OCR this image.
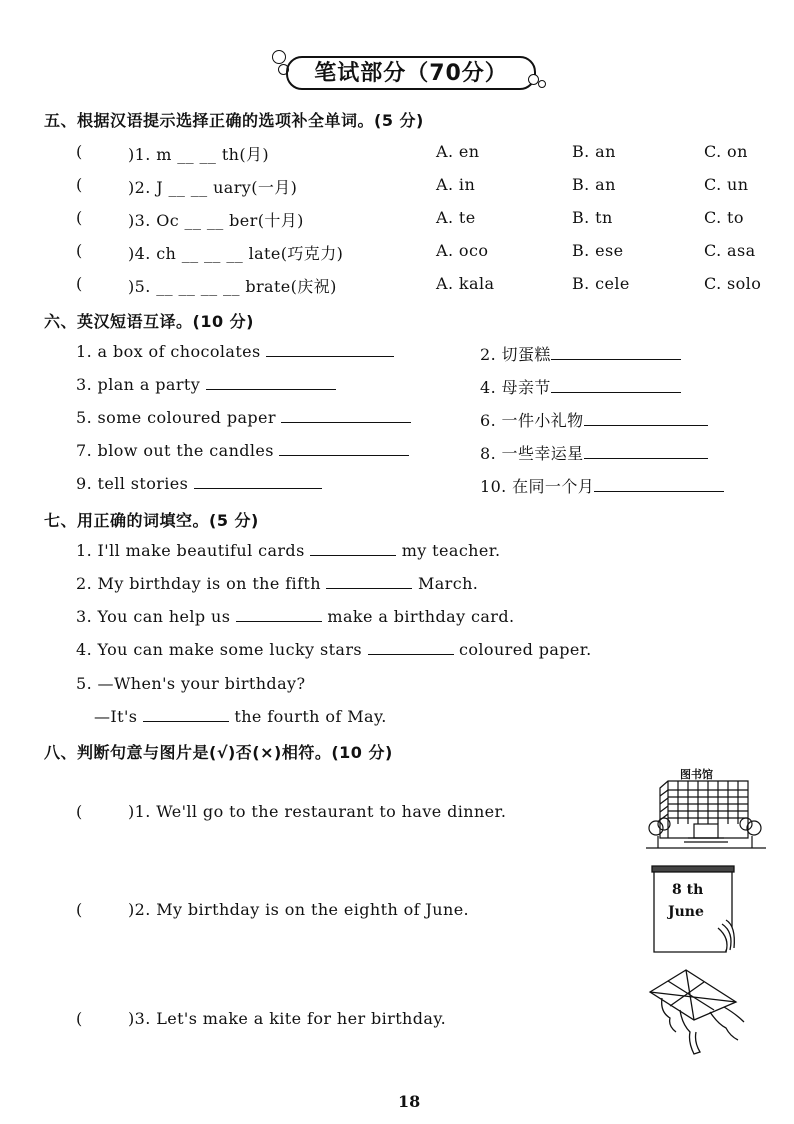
笔试部分（70分）
五、根据汉语提示选择正确的选项补全单词。(5 分)
(	)1. m __ __ th(月)	A. en	B. an	C. on
(	)2. J __ __ uary(一月)	A. in	B. an	C. un
(	)3. Oc __ __ ber(十月)	A. te	B. tn	C. to
(	)4. ch __ __ __ late(巧克力)	A. oco	B. ese	C. asa
(	)5. __ __ __ __ brate(庆祝)	A. kala	B. cele	C. solo
六、英汉短语互译。(10 分)
1. a box of chocolates	2. 切蛋糕
3. plan a party	4. 母亲节
5. some coloured paper	6. 一件小礼物
7. blow out the candles	8. 一些幸运星
9. tell stories	10. 在同一个月
七、用正确的词填空。(5 分)
1. I'll make beautiful cards	my teacher.
2. My birthday is on the fifth	March.
3. You can help us	make a birthday card.
4. You can make some lucky stars	coloured paper.
5. —When's your birthday?
—It's	the fourth of May.
八、判断句意与图片是(√)否(×)相符。(10 分)
(	)1. We'll go to the restaurant to have dinner.
(	)2. My birthday is on the eighth of June.
(	)3. Let's make a kite for her birthday.
图书馆
8 th
June
18
